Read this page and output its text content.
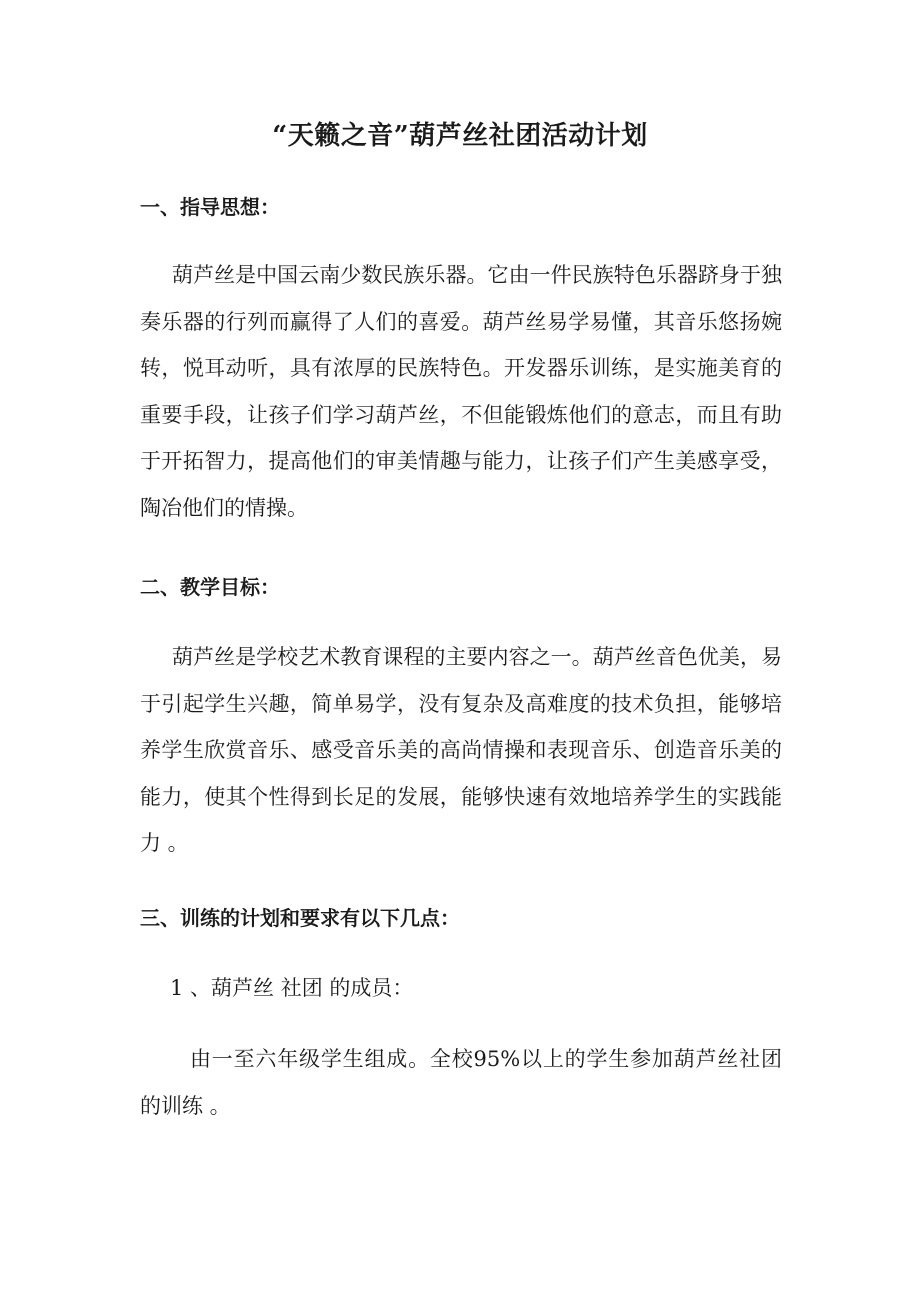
“天籁之音”葫芦丝社团活动计划
一、指导思想：

葫芦丝是中国云南少数民族乐器。它由一件民族特色乐器跻身于独奏乐器的行列而赢得了人们的喜爱。葫芦丝易学易懂，其音乐悠扬婉转，悦耳动听，具有浓厚的民族特色。开发器乐训练，是实施美育的重要手段，让孩子们学习葫芦丝，不但能锻炼他们的意志，而且有助于开拓智力，提高他们的审美情趣与能力，让孩子们产生美感享受，陶冶他们的情操。

二、教学目标：

葫芦丝是学校艺术教育课程的主要内容之一。葫芦丝音色优美，易于引起学生兴趣，简单易学，没有复杂及高难度的技术负担，能够培养学生欣赏音乐、感受音乐美的高尚情操和表现音乐、创造音乐美的能力，使其个性得到长足的发展，能够快速有效地培养学生的实践能力 。

三、训练的计划和要求有以下几点：
1 、葫芦丝 社团 的成员：

由一至六年级学生组成。全校95%以上的学生参加葫芦丝社团 的训练 。
